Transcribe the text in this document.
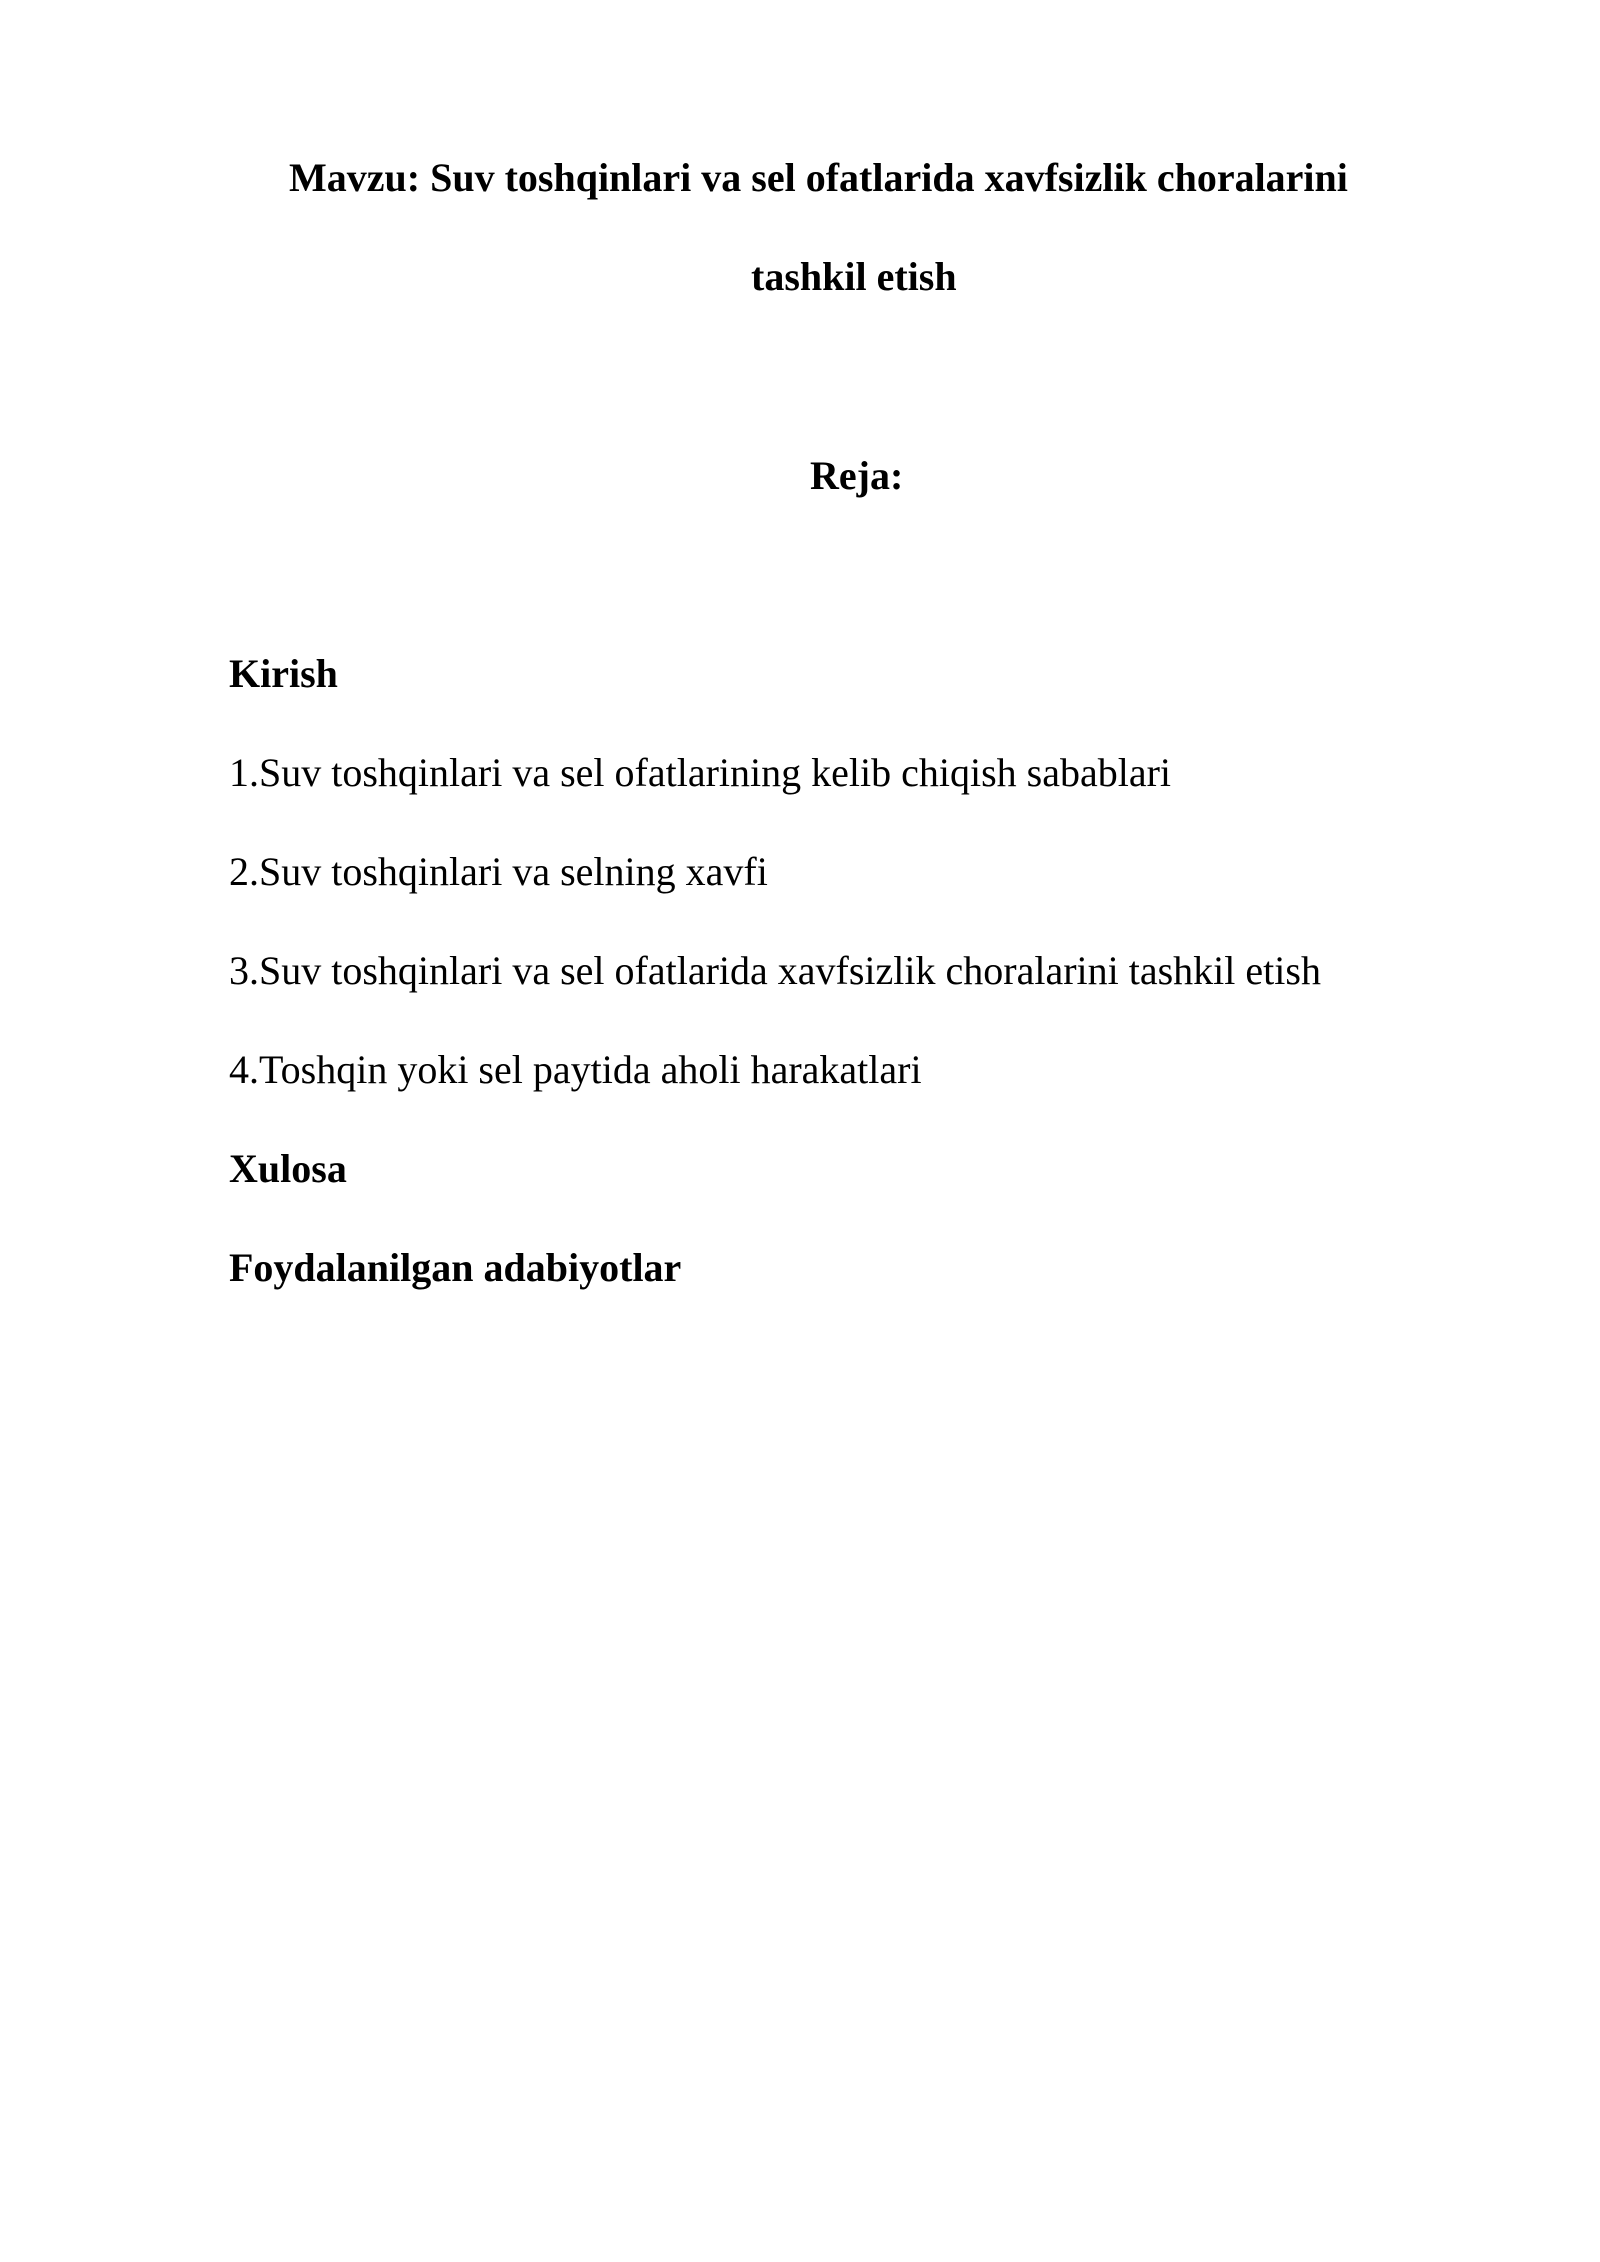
Mavzu: Suv toshqinlari va sel ofatlarida xavfsizlik choralarini
tashkil etish
Reja:
Kirish
1.Suv toshqinlari va sel ofatlarining kelib chiqish sabablari
2.Suv toshqinlari va selning xavfi
3.Suv toshqinlari va sel ofatlarida xavfsizlik choralarini tashkil etish
4.Toshqin yoki sel paytida aholi harakatlari
Xulosa
Foydalanilgan adabiyotlar
